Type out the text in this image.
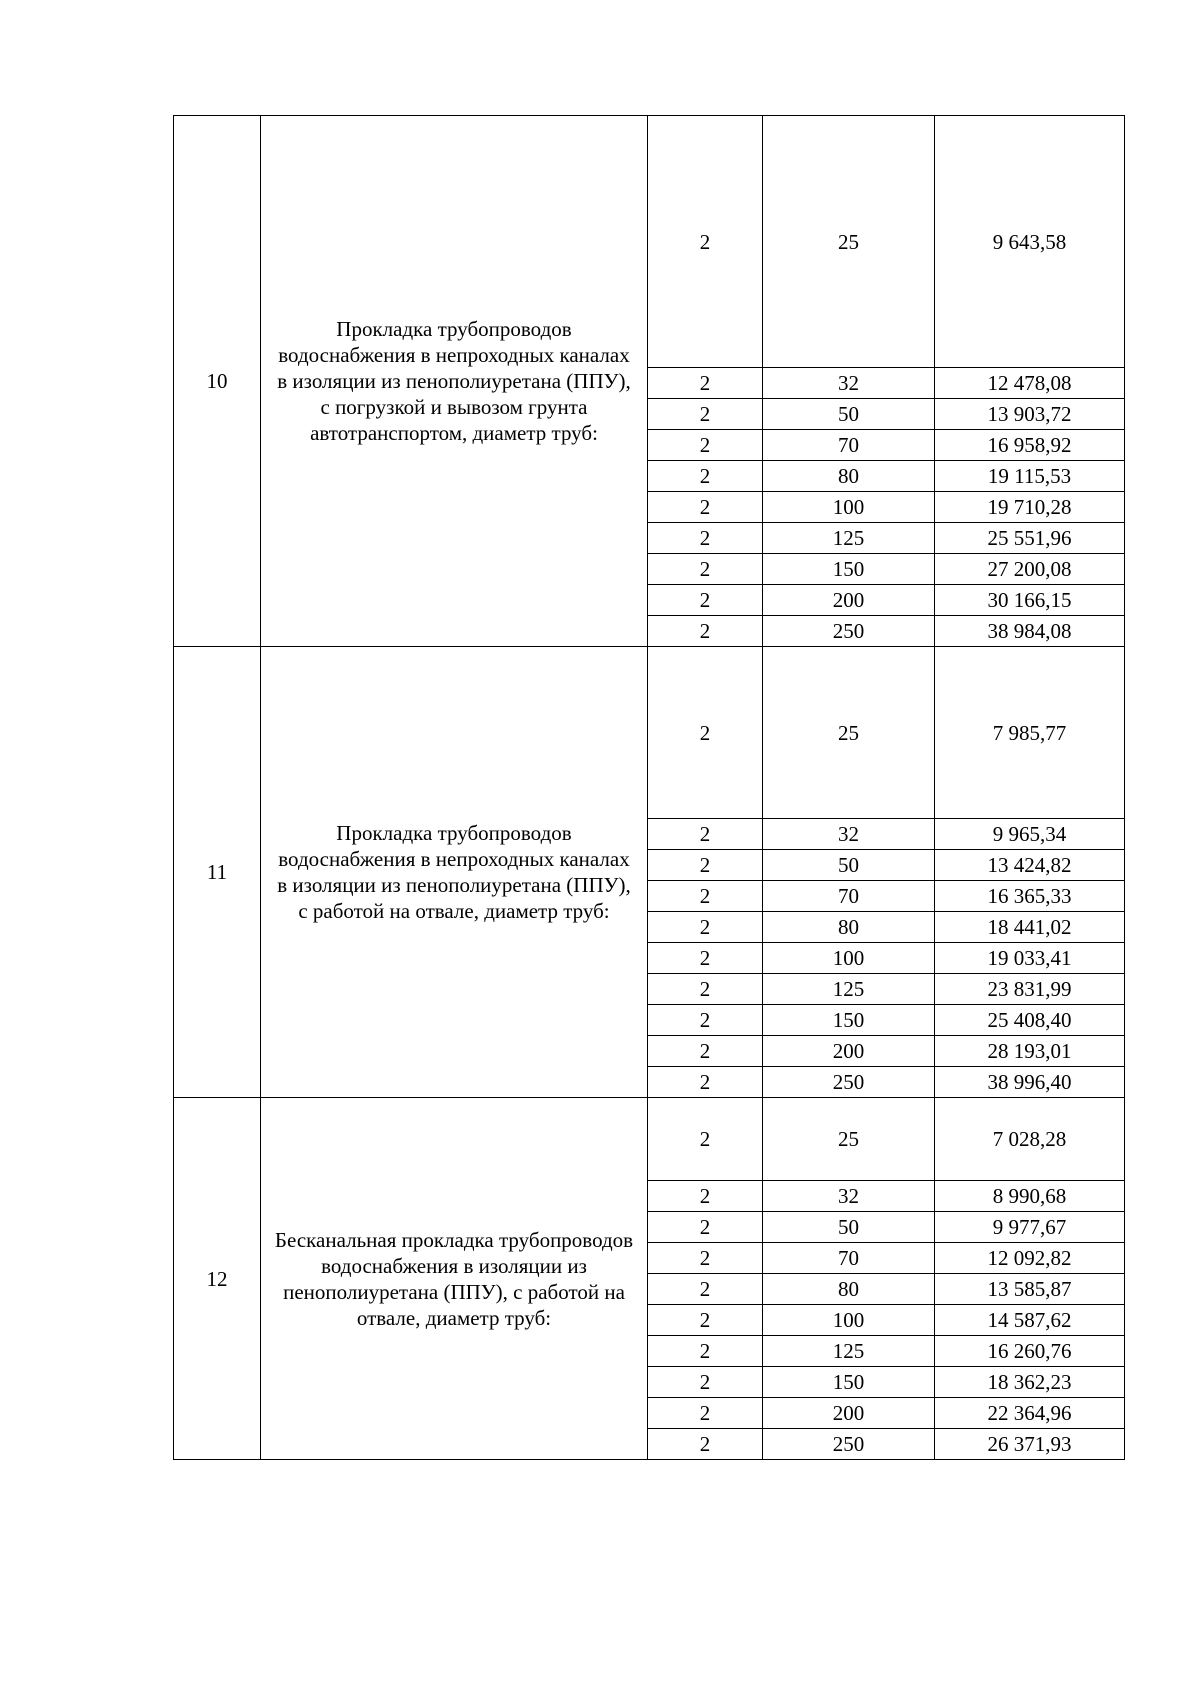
10	Прокладка трубопроводов водоснабжения в непроходных каналах в изоляции из пенополиуретана (ППУ), с погрузкой и вывозом грунта автотранспортом, диаметр труб:	2	25	9 643,58
		2	32	12 478,08
		2	50	13 903,72
		2	70	16 958,92
		2	80	19 115,53
		2	100	19 710,28
		2	125	25 551,96
		2	150	27 200,08
		2	200	30 166,15
		2	250	38 984,08
11	Прокладка трубопроводов водоснабжения в непроходных каналах в изоляции из пенополиуретана (ППУ), с работой на отвале, диаметр труб:	2	25	7 985,77
		2	32	9 965,34
		2	50	13 424,82
		2	70	16 365,33
		2	80	18 441,02
		2	100	19 033,41
		2	125	23 831,99
		2	150	25 408,40
		2	200	28 193,01
		2	250	38 996,40
12	Бесканальная прокладка трубопроводов водоснабжения в изоляции из пенополиуретана (ППУ), с работой на отвале, диаметр труб:	2	25	7 028,28
		2	32	8 990,68
		2	50	9 977,67
		2	70	12 092,82
		2	80	13 585,87
		2	100	14 587,62
		2	125	16 260,76
		2	150	18 362,23
		2	200	22 364,96
		2	250	26 371,93
